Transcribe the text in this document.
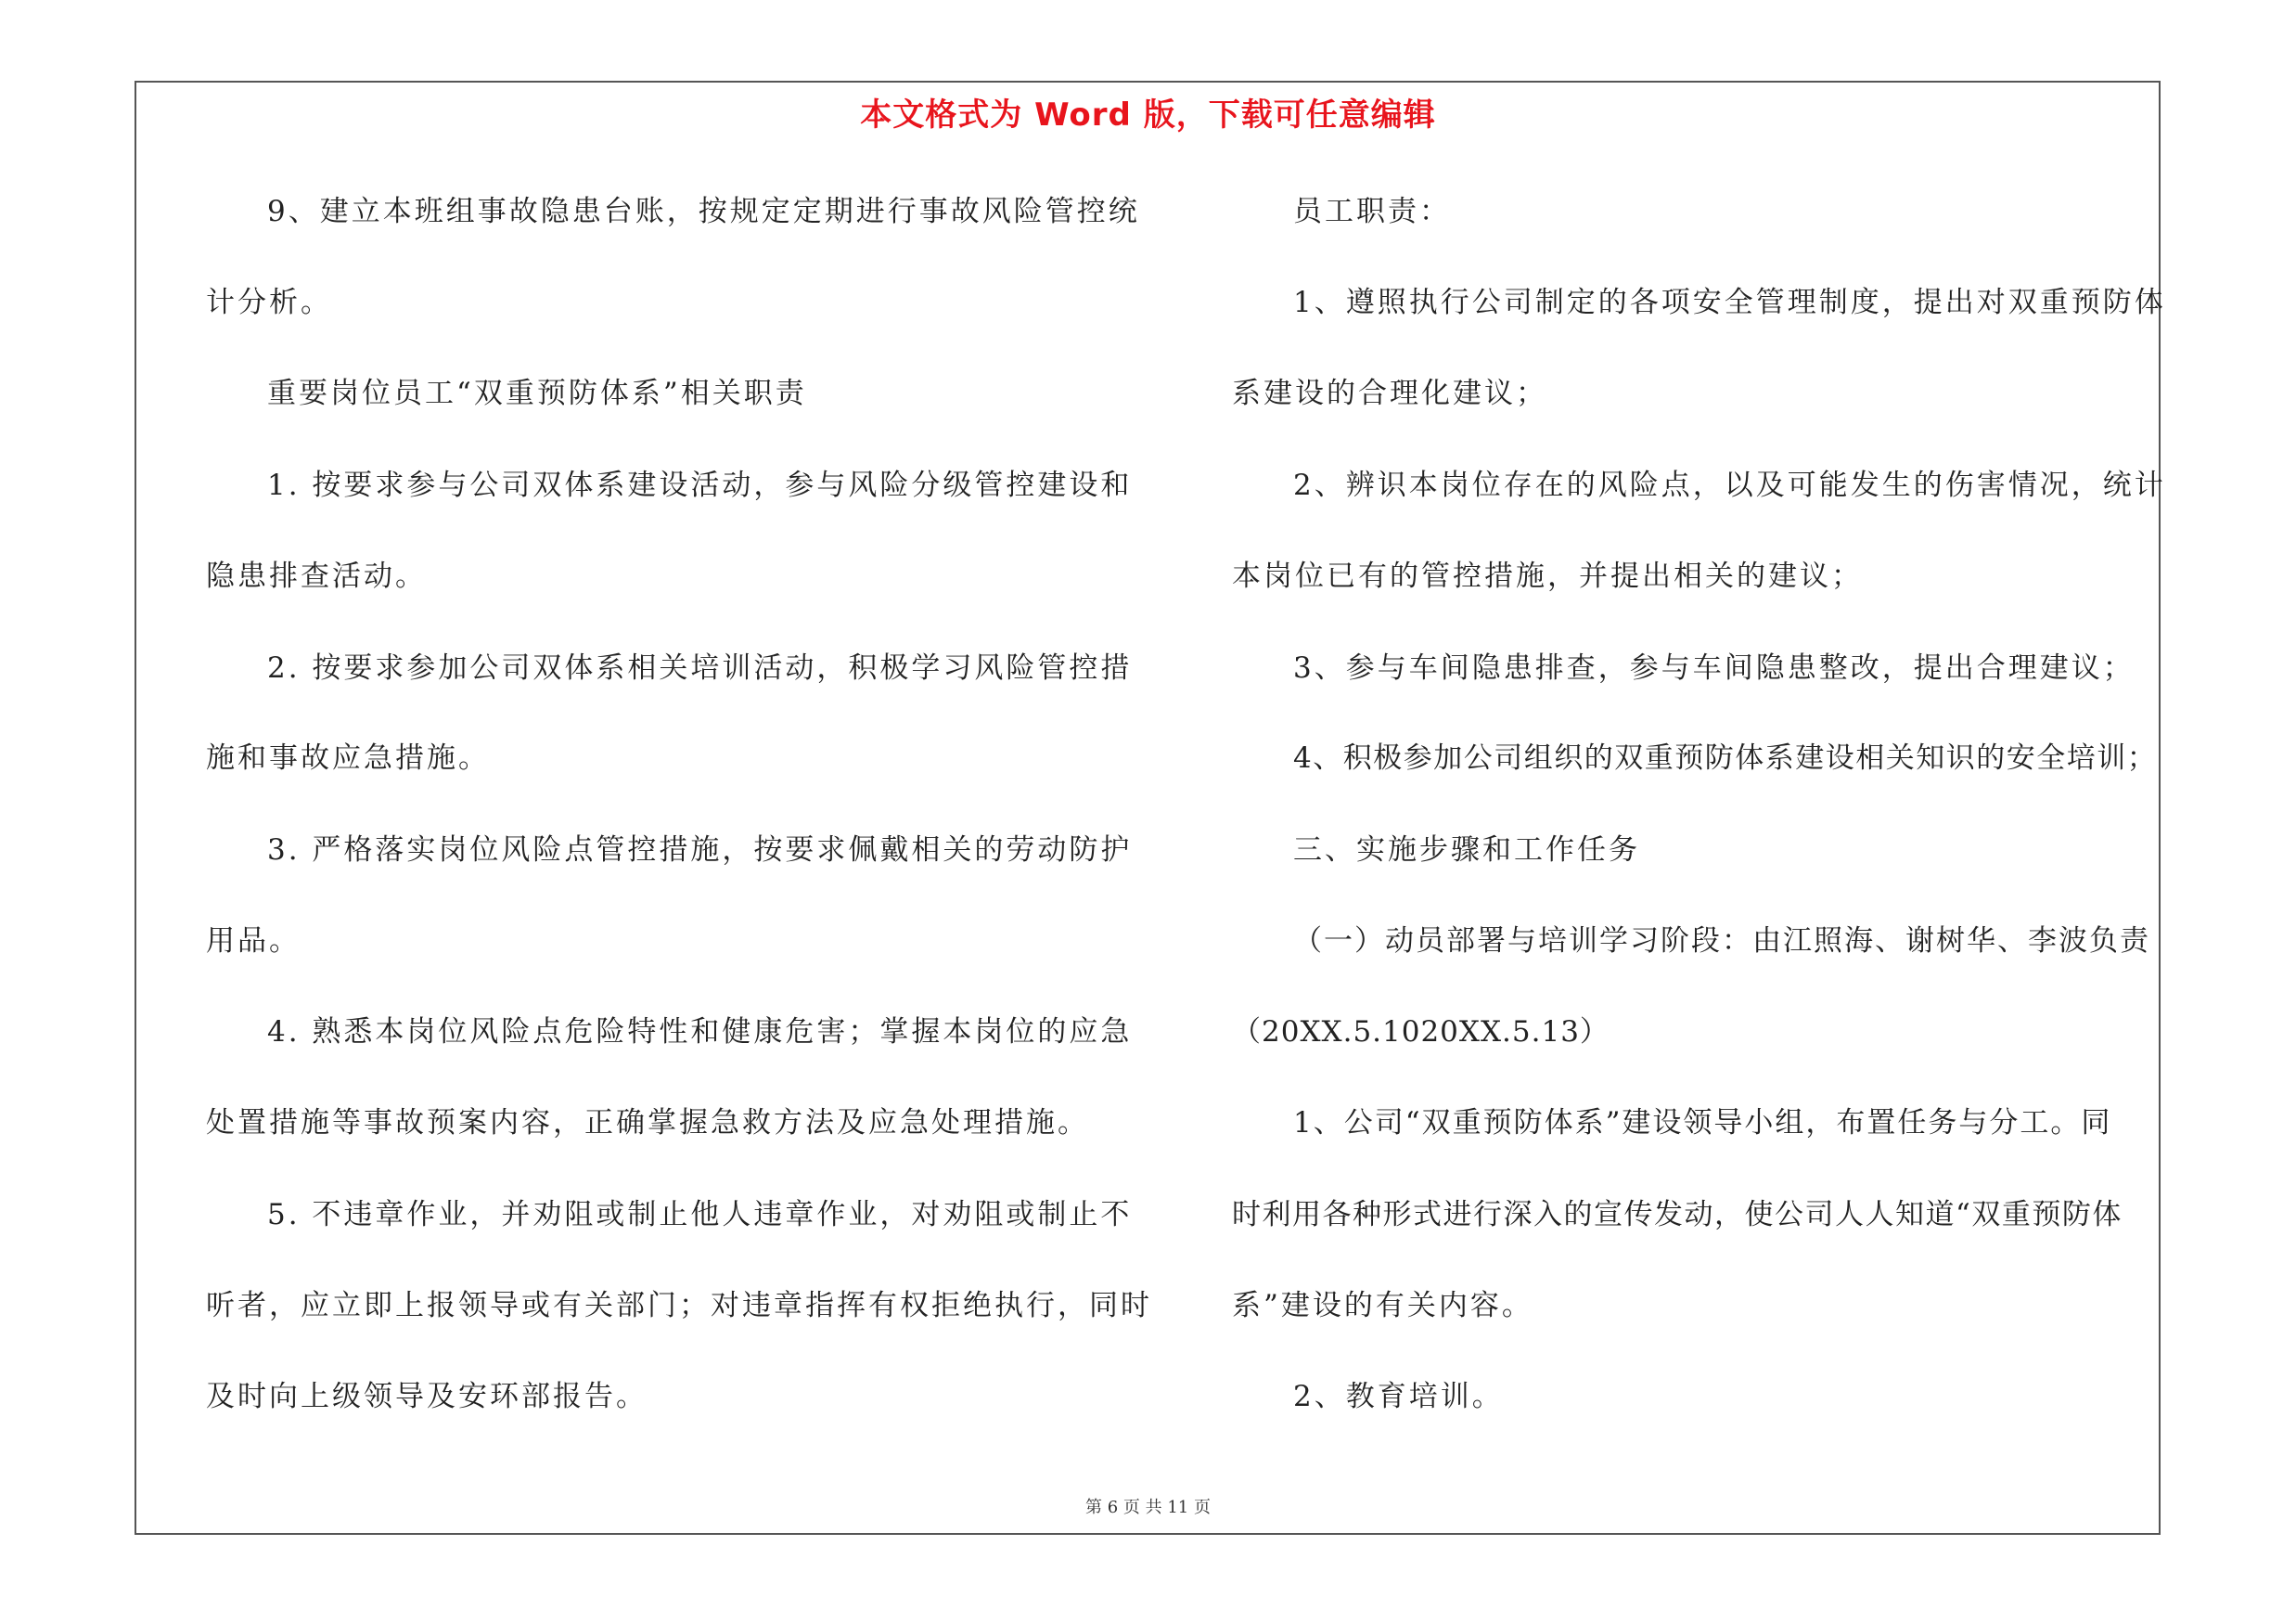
本文格式为 Word 版，下载可任意编辑
9、建立本班组事故隐患台账，按规定定期进行事故风险管控统
计分析。
重要岗位员工“双重预防体系”相关职责
1. 按要求参与公司双体系建设活动，参与风险分级管控建设和
隐患排查活动。
2. 按要求参加公司双体系相关培训活动，积极学习风险管控措
施和事故应急措施。
3. 严格落实岗位风险点管控措施，按要求佩戴相关的劳动防护
用品。
4. 熟悉本岗位风险点危险特性和健康危害；掌握本岗位的应急
处置措施等事故预案内容，正确掌握急救方法及应急处理措施。
5. 不违章作业，并劝阻或制止他人违章作业，对劝阻或制止不
听者，应立即上报领导或有关部门；对违章指挥有权拒绝执行，同时
及时向上级领导及安环部报告。
员工职责：
1、遵照执行公司制定的各项安全管理制度，提出对双重预防体
系建设的合理化建议；
2、辨识本岗位存在的风险点，以及可能发生的伤害情况，统计
本岗位已有的管控措施，并提出相关的建议；
3、参与车间隐患排查，参与车间隐患整改，提出合理建议；
4、积极参加公司组织的双重预防体系建设相关知识的安全培训；
三、实施步骤和工作任务
（一）动员部署与培训学习阶段：由江照海、谢树华、李波负责
（20XX.5.1020XX.5.13）
1、公司“双重预防体系”建设领导小组，布置任务与分工。同
时利用各种形式进行深入的宣传发动，使公司人人知道“双重预防体
系”建设的有关内容。
2、教育培训。
第 6 页 共 11 页
